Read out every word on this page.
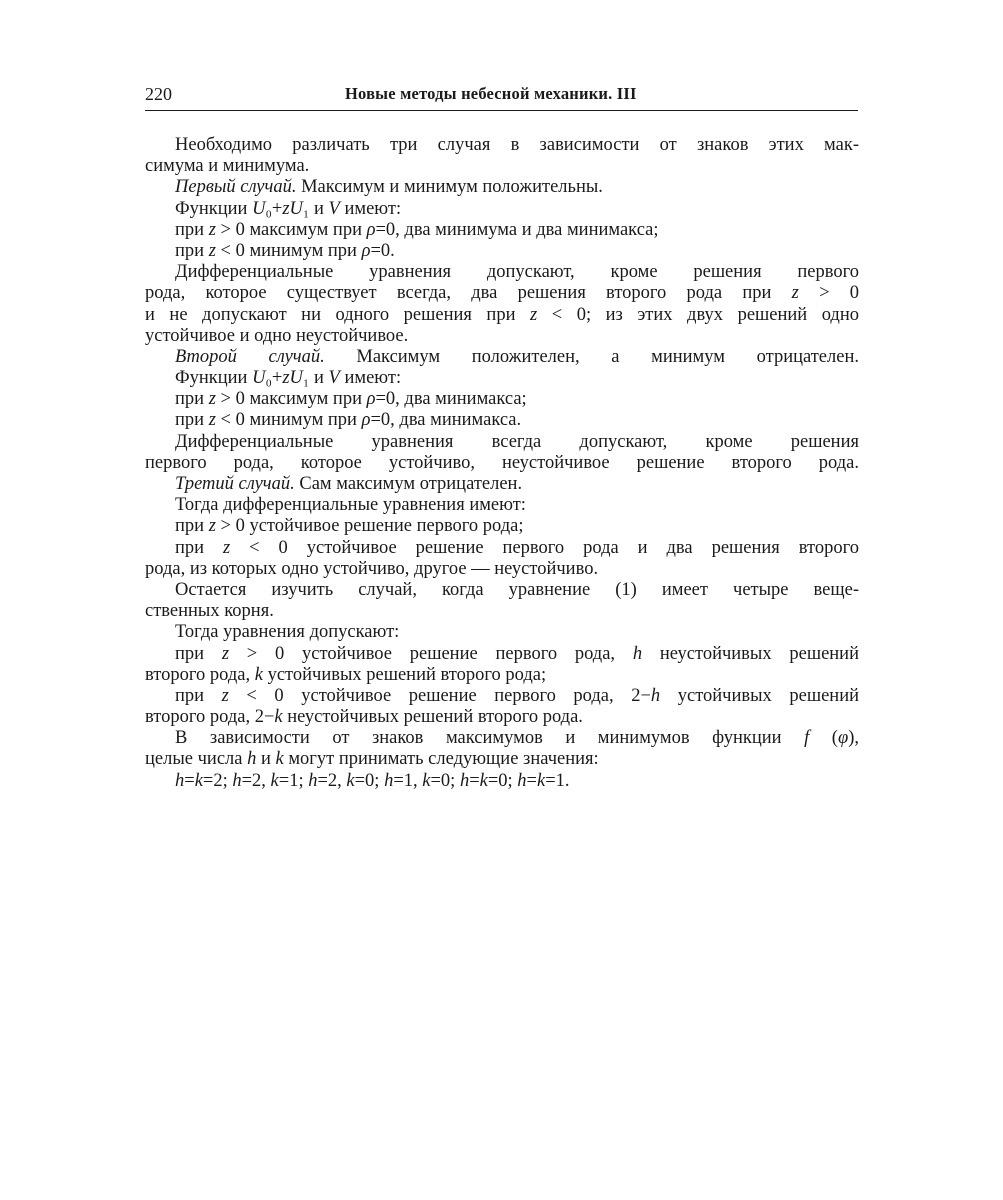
220	Новые методы небесной механики. III
Необходимо различать три случая в зависимости от знаков этих мак-
симума и минимума.
Первый случай. Максимум и минимум положительны.
Функции U₀+zU₁ и V имеют:
при z > 0 максимум при ρ=0, два минимума и два минимакса;
при z < 0 минимум при ρ=0.
Дифференциальные уравнения допускают, кроме решения первого
рода, которое существует всегда, два решения второго рода при z > 0
и не допускают ни одного решения при z < 0; из этих двух решений одно
устойчивое и одно неустойчивое.
Второй случай. Максимум положителен, а минимум отрицателен.
Функции U₀+zU₁ и V имеют:
при z > 0 максимум при ρ=0, два минимакса;
при z < 0 минимум при ρ=0, два минимакса.
Дифференциальные уравнения всегда допускают, кроме решения
первого рода, которое устойчиво, неустойчивое решение второго рода.
Третий случай. Сам максимум отрицателен.
Тогда дифференциальные уравнения имеют:
при z > 0 устойчивое решение первого рода;
при z < 0 устойчивое решение первого рода и два решения второго
рода, из которых одно устойчиво, другое — неустойчиво.
Остается изучить случай, когда уравнение (1) имеет четыре веще-
ственных корня.
Тогда уравнения допускают:
при z > 0 устойчивое решение первого рода, h неустойчивых решений
второго рода, k устойчивых решений второго рода;
при z < 0 устойчивое решение первого рода, 2−h устойчивых решений
второго рода, 2−k неустойчивых решений второго рода.
В зависимости от знаков максимумов и минимумов функции f (φ),
целые числа h и k могут принимать следующие значения:
h=k=2; h=2, k=1; h=2, k=0; h=1, k=0; h=k=0; h=k=1.
